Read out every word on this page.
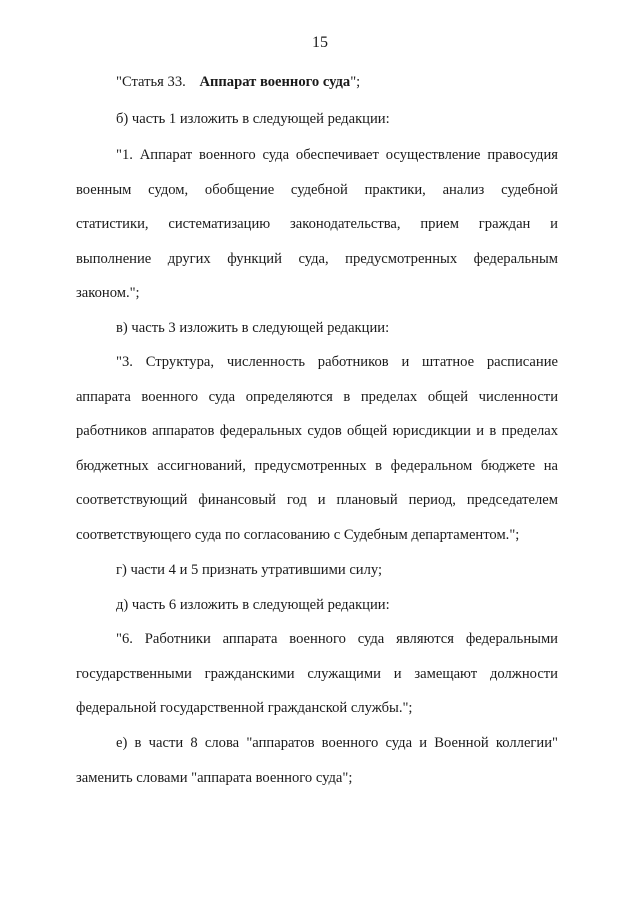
15
"Статья 33. Аппарат военного суда";
б) часть 1 изложить в следующей редакции:
"1. Аппарат военного суда обеспечивает осуществление правосудия
военным судом, обобщение судебной практики, анализ судебной
статистики, систематизацию законодательства, прием граждан и
выполнение других функций суда, предусмотренных федеральным
законом.";
в) часть 3 изложить в следующей редакции:
"3. Структура, численность работников и штатное расписание
аппарата военного суда определяются в пределах общей численности
работников аппаратов федеральных судов общей юрисдикции и в пределах
бюджетных ассигнований, предусмотренных в федеральном бюджете на
соответствующий финансовый год и плановый период, председателем
соответствующего суда по согласованию с Судебным департаментом.";
г) части 4 и 5 признать утратившими силу;
д) часть 6 изложить в следующей редакции:
"6. Работники аппарата военного суда являются федеральными
государственными гражданскими служащими и замещают должности
федеральной государственной гражданской службы.";
е) в части 8 слова "аппаратов военного суда и Военной коллегии"
заменить словами "аппарата военного суда";
